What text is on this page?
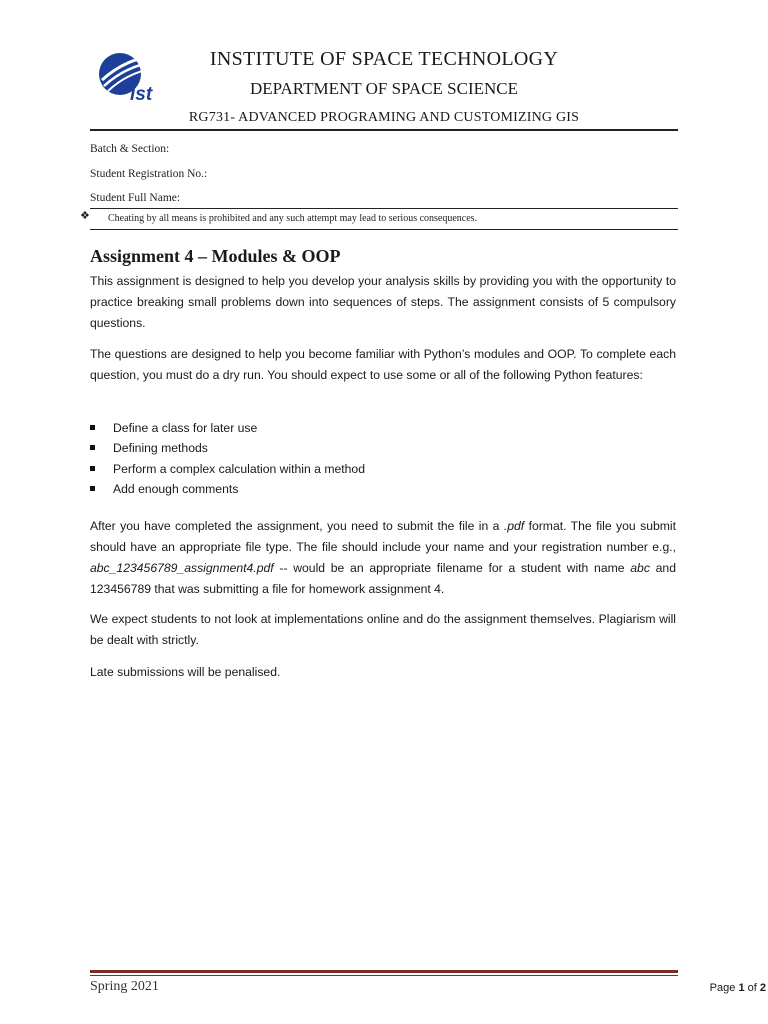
ist
INSTITUTE OF SPACE TECHNOLOGY
DEPARTMENT OF SPACE SCIENCE
RG731- ADVANCED PROGRAMING AND CUSTOMIZING GIS
Batch & Section:
Student Registration No.:
Student Full Name:
❖ Cheating by all means is prohibited and any such attempt may lead to serious consequences.
Assignment 4 – Modules & OOP
This assignment is designed to help you develop your analysis skills by providing you with the opportunity to practice breaking small problems down into sequences of steps. The assignment consists of 5 compulsory questions.
The questions are designed to help you become familiar with Python’s modules and OOP. To complete each question, you must do a dry run. You should expect to use some or all of the following Python features:
Define a class for later use
Defining methods
Perform a complex calculation within a method
Add enough comments
After you have completed the assignment, you need to submit the file in a .pdf format. The file you submit should have an appropriate file type. The file should include your name and your registration number e.g., abc_123456789_assignment4.pdf -- would be an appropriate filename for a student with name abc and 123456789 that was submitting a file for homework assignment 4.
We expect students to not look at implementations online and do the assignment themselves. Plagiarism will be dealt with strictly.
Late submissions will be penalised.
Spring 2021	Page 1 of 2
